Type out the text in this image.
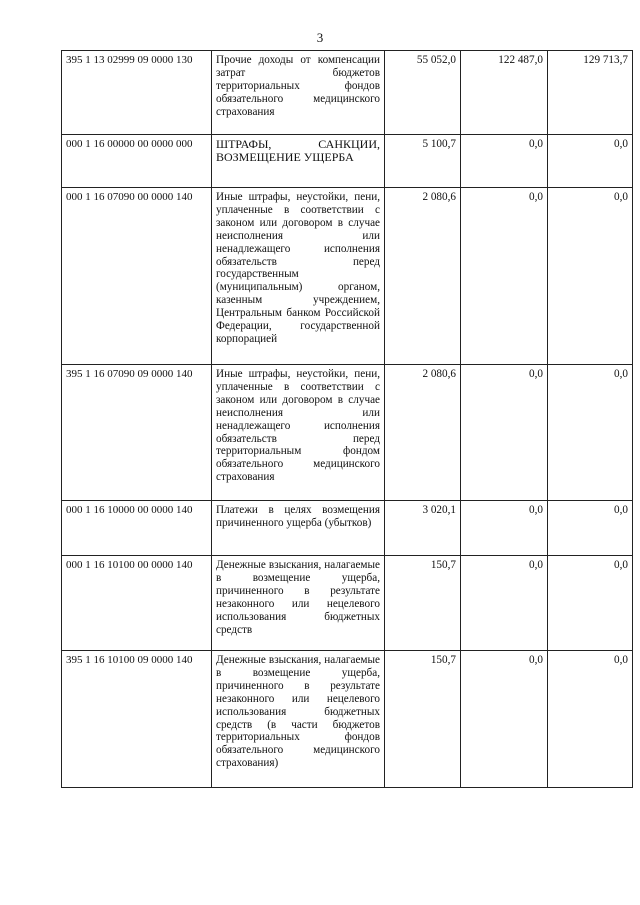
3
395 1 13 02999 09 0000 130	Прочие доходы от компенсации затрат бюджетов территориальных фондов обязательного медицинского страхования	55 052,0	122 487,0	129 713,7
000 1 16 00000 00 0000 000	ШТРАФЫ, САНКЦИИ, ВОЗМЕЩЕНИЕ УЩЕРБА	5 100,7	0,0	0,0
000 1 16 07090 00 0000 140	Иные штрафы, неустойки, пени, уплаченные в соответствии с законом или договором в случае неисполнения или ненадлежащего исполнения обязательств перед государственным (муниципальным) органом, казенным учреждением, Центральным банком Российской Федерации, государственной корпорацией	2 080,6	0,0	0,0
395 1 16 07090 09 0000 140	Иные штрафы, неустойки, пени, уплаченные в соответствии с законом или договором в случае неисполнения или ненадлежащего исполнения обязательств перед территориальным фондом обязательного медицинского страхования	2 080,6	0,0	0,0
000 1 16 10000 00 0000 140	Платежи в целях возмещения причиненного ущерба (убытков)	3 020,1	0,0	0,0
000 1 16 10100 00 0000 140	Денежные взыскания, налагаемые в возмещение ущерба, причиненного в результате незаконного или нецелевого использования бюджетных средств	150,7	0,0	0,0
395 1 16 10100 09 0000 140	Денежные взыскания, налагаемые в возмещение ущерба, причиненного в результате незаконного или нецелевого использования бюджетных средств (в части бюджетов территориальных фондов обязательного медицинского страхования)	150,7	0,0	0,0
